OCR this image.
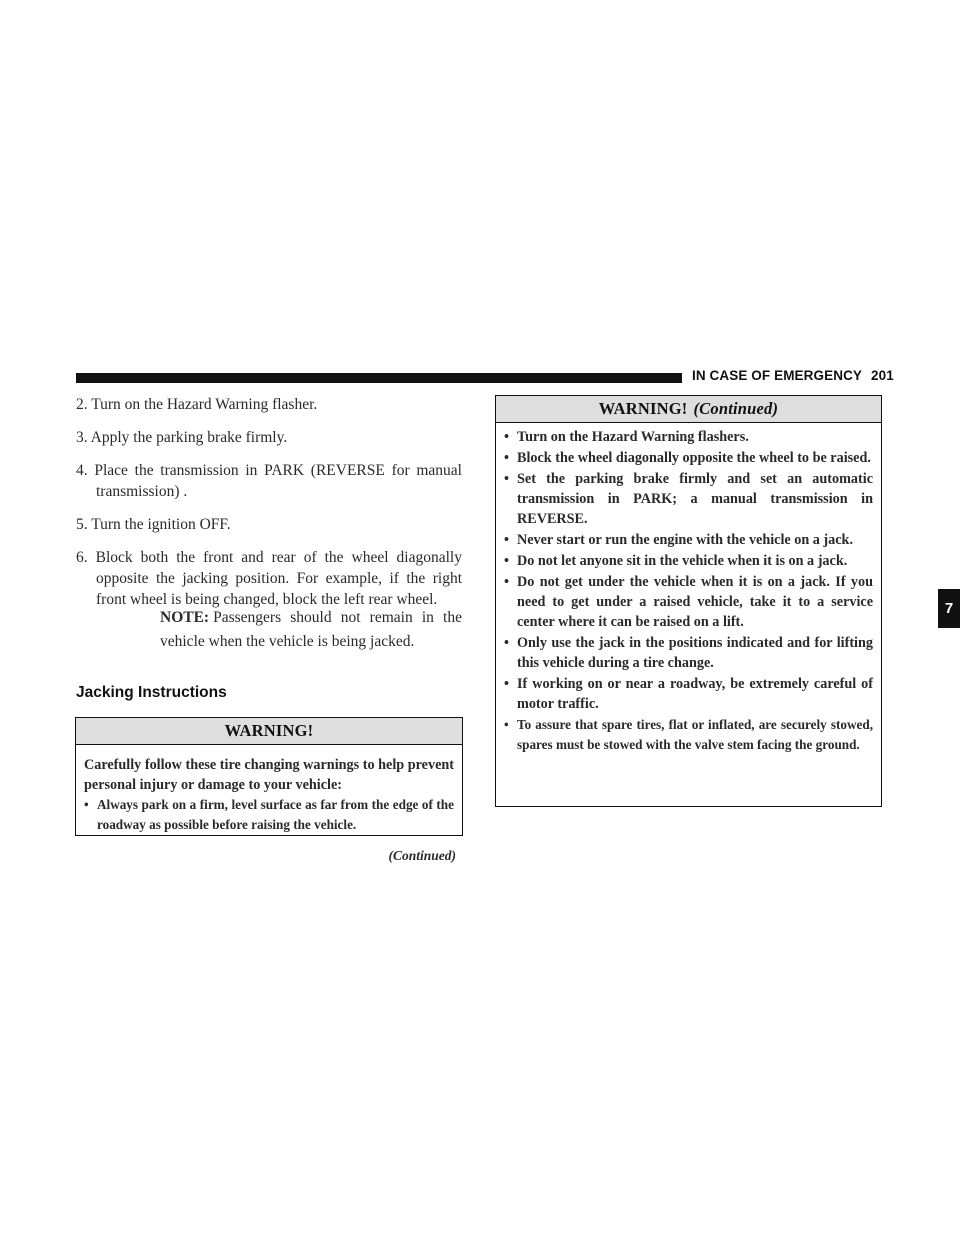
IN CASE OF EMERGENCY 201
7

2. Turn on the Hazard Warning flasher.

3. Apply the parking brake firmly.

4. Place the transmission in PARK (REVERSE for manual transmission) .

5. Turn the ignition OFF.

6. Block both the front and rear of the wheel diagonally opposite the jacking position. For example, if the right front wheel is being changed, block the left rear wheel.

NOTE: Passengers should not remain in the vehicle when the vehicle is being jacked.
Jacking Instructions
WARNING!

Carefully follow these tire changing warnings to help prevent personal injury or damage to your vehicle:

• Always park on a firm, level surface as far from the edge of the roadway as possible before raising the vehicle.
(Continued)
WARNING! (Continued)
• Turn on the Hazard Warning flashers.
• Block the wheel diagonally opposite the wheel to be raised.
• Set the parking brake firmly and set an automatic transmission in PARK; a manual transmission in REVERSE.
• Never start or run the engine with the vehicle on a jack.
• Do not let anyone sit in the vehicle when it is on a jack.
• Do not get under the vehicle when it is on a jack. If you need to get under a raised vehicle, take it to a service center where it can be raised on a lift.
• Only use the jack in the positions indicated and for lifting this vehicle during a tire change.
• If working on or near a roadway, be extremely careful of motor traffic.
• To assure that spare tires, flat or inflated, are securely stowed, spares must be stowed with the valve stem facing the ground.
